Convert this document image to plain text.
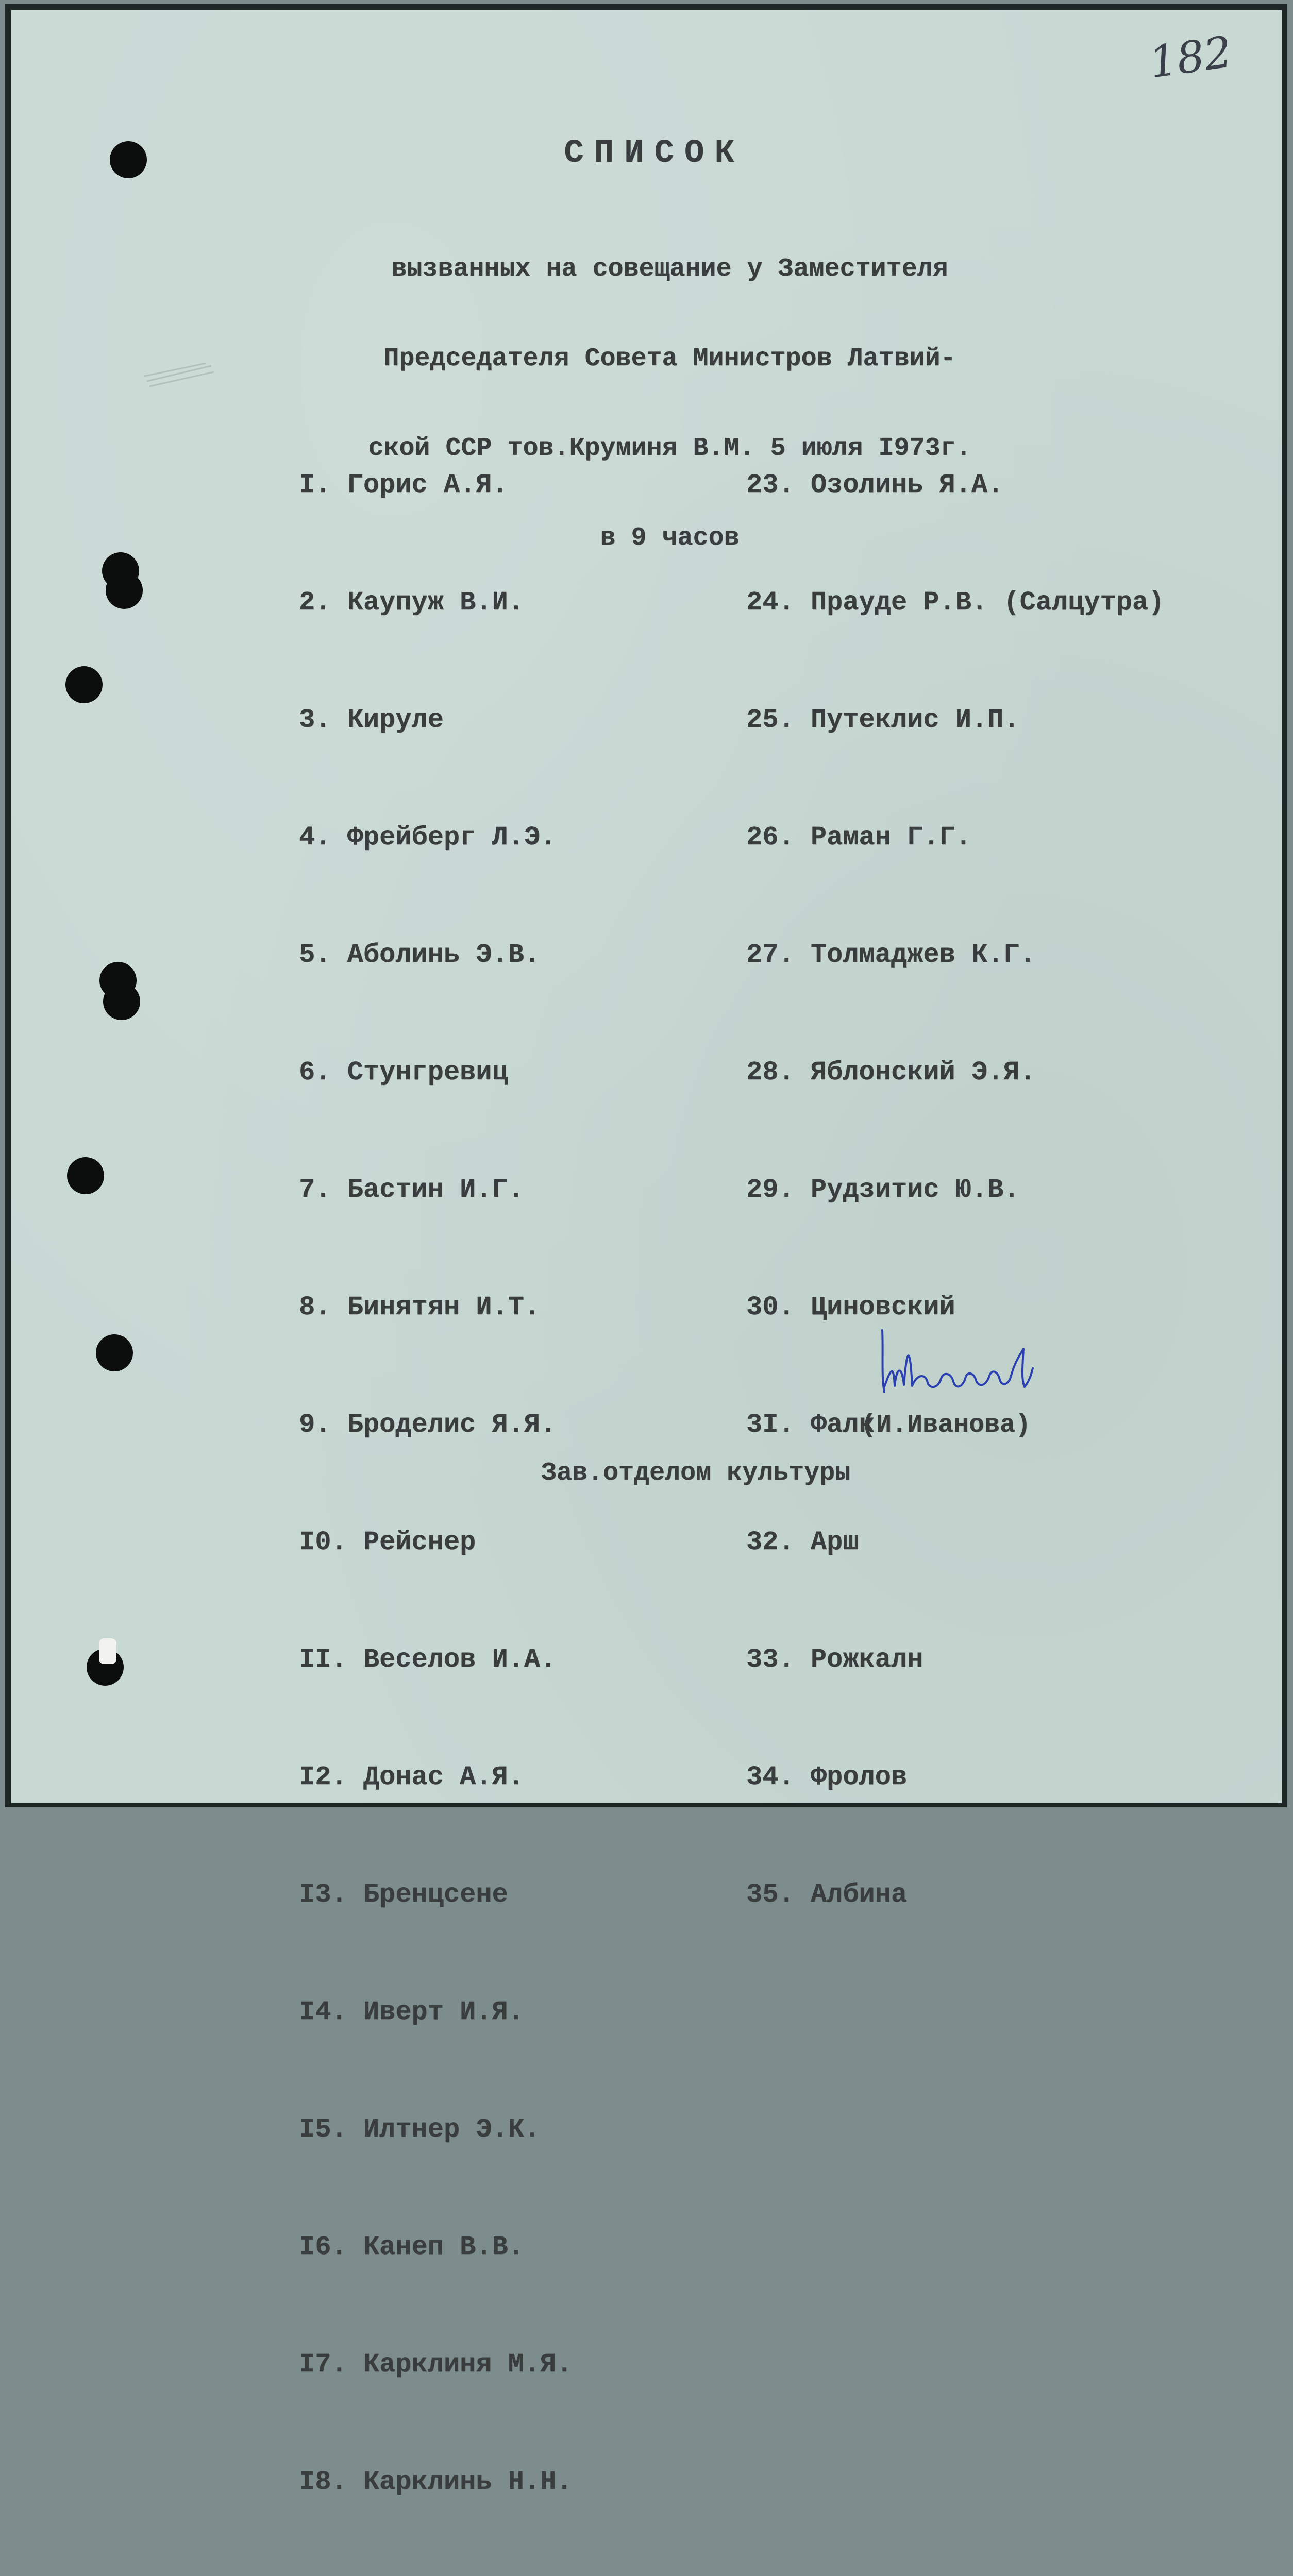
182
СПИСОК

вызванных на совещание у Заместителя

Председателя Совета Министров Латвий-

ской ССР тов.Круминя В.М. 5 июля I973г.

в 9 часов

I. Горис А.Я.

2. Каупуж В.И.

3. Кируле

4. Фрейберг Л.Э.

5. Аболинь Э.В.

6. Стунгревиц

7. Бастин И.Г.

8. Бинятян И.Т.

9. Броделис Я.Я.

I0. Рейснер

II. Веселов И.А.

I2. Донас А.Я.

I3. Бренцсене

I4. Иверт И.Я.

I5. Илтнер Э.К.

I6. Канеп В.В.

I7. Карклиня М.Я.

I8. Карклинь Н.Н.

23. Озолинь Я.А.

24. Прауде Р.В. (Салцутра)

25. Путеклис И.П.

26. Раман Г.Г.

27. Толмаджев К.Г.

28. Яблонский Э.Я.

29. Рудзитис Ю.В.

30. Циновский

3I. Фалк

32. Арш

33. Рожкалн

34. Фролов

35. Албина

Зав.отделом культуры

(И.Иванова)
